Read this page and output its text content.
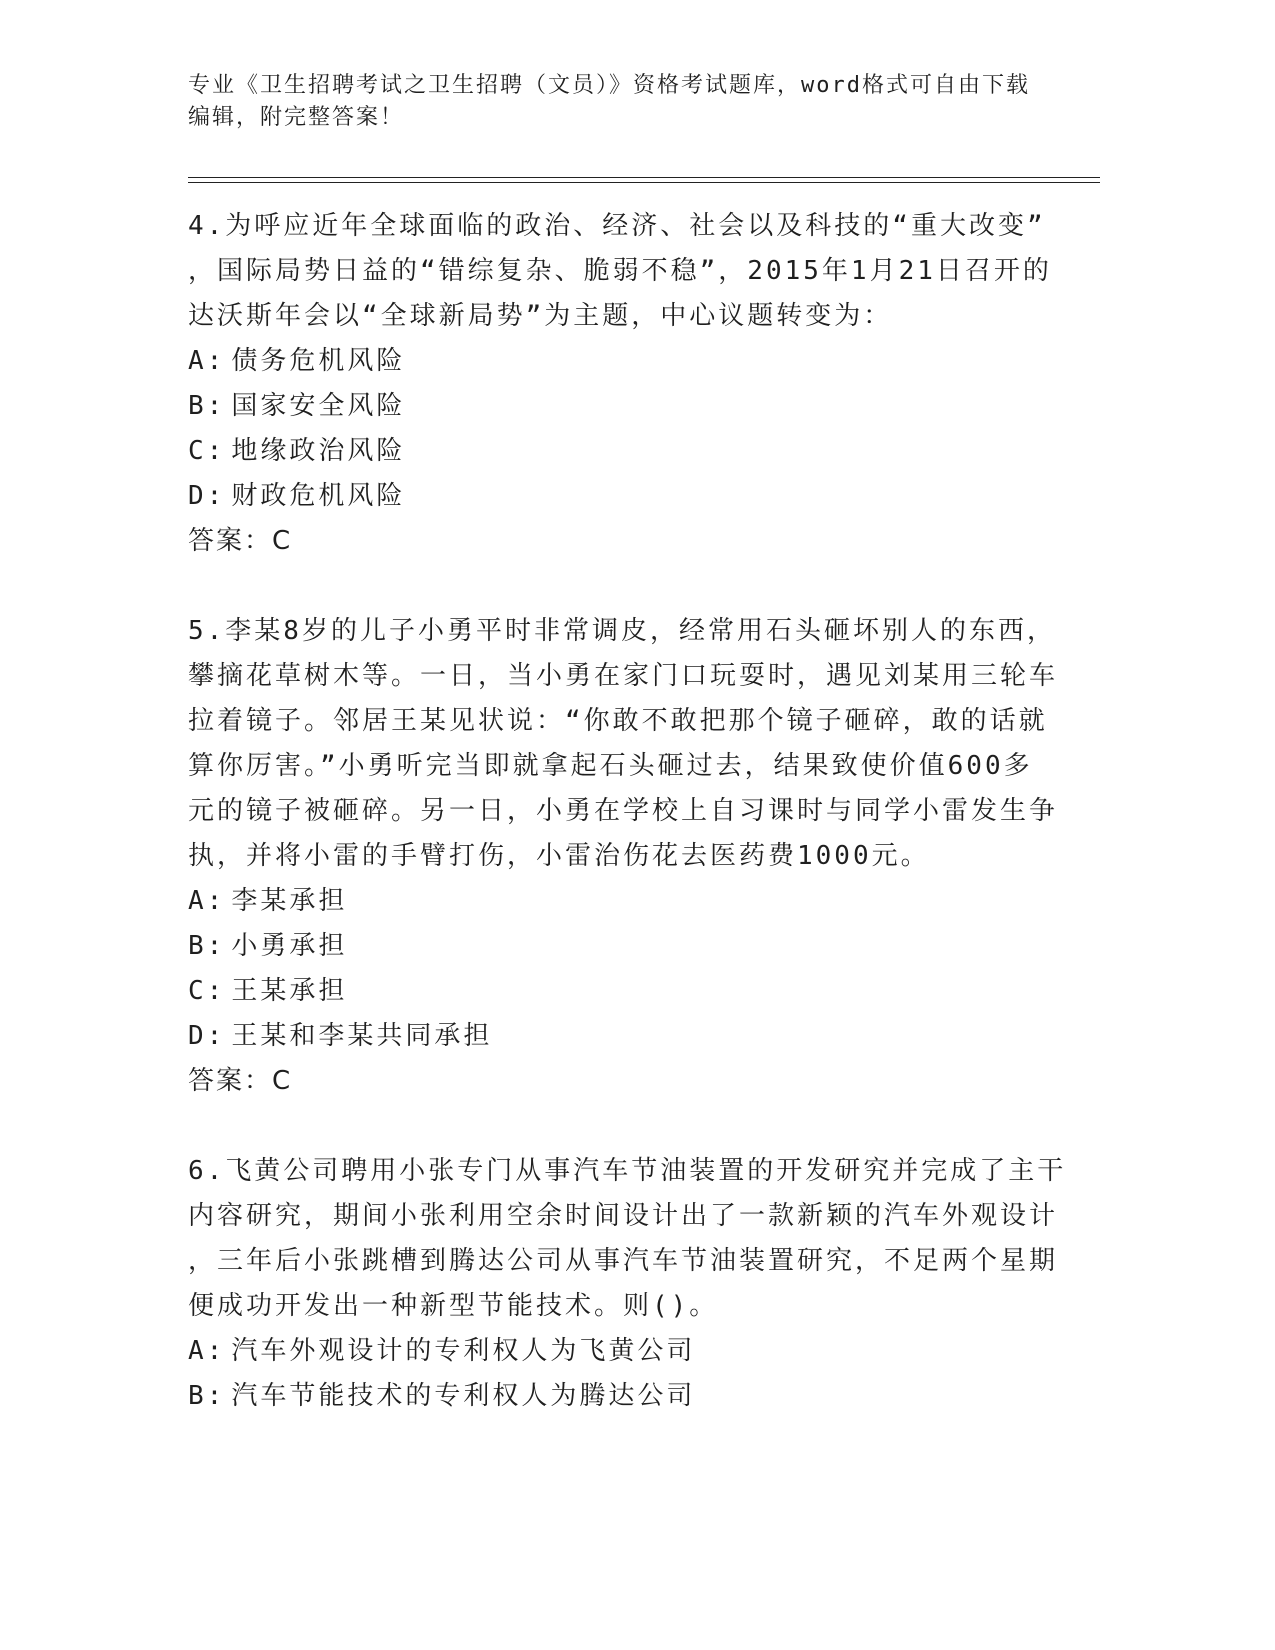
专业《卫生招聘考试之卫生招聘（文员）》资格考试题库，word格式可自由下载
编辑，附完整答案！
4.为呼应近年全球面临的政治、经济、社会以及科技的“重大改变”
，国际局势日益的“错综复杂、脆弱不稳”，2015年1月21日召开的
达沃斯年会以“全球新局势”为主题，中心议题转变为：
A: 债务危机风险
B: 国家安全风险
C: 地缘政治风险
D: 财政危机风险
答案：C
5.李某8岁的儿子小勇平时非常调皮，经常用石头砸坏别人的东西，
攀摘花草树木等。一日，当小勇在家门口玩耍时，遇见刘某用三轮车
拉着镜子。邻居王某见状说：“你敢不敢把那个镜子砸碎，敢的话就
算你厉害。”小勇听完当即就拿起石头砸过去，结果致使价值600多
元的镜子被砸碎。另一日，小勇在学校上自习课时与同学小雷发生争
执，并将小雷的手臂打伤，小雷治伤花去医药费1000元。
A: 李某承担
B: 小勇承担
C: 王某承担
D: 王某和李某共同承担
答案：C
6.飞黄公司聘用小张专门从事汽车节油装置的开发研究并完成了主干
内容研究，期间小张利用空余时间设计出了一款新颖的汽车外观设计
，三年后小张跳槽到腾达公司从事汽车节油装置研究，不足两个星期
便成功开发出一种新型节能技术。则()。
A: 汽车外观设计的专利权人为飞黄公司
B: 汽车节能技术的专利权人为腾达公司
